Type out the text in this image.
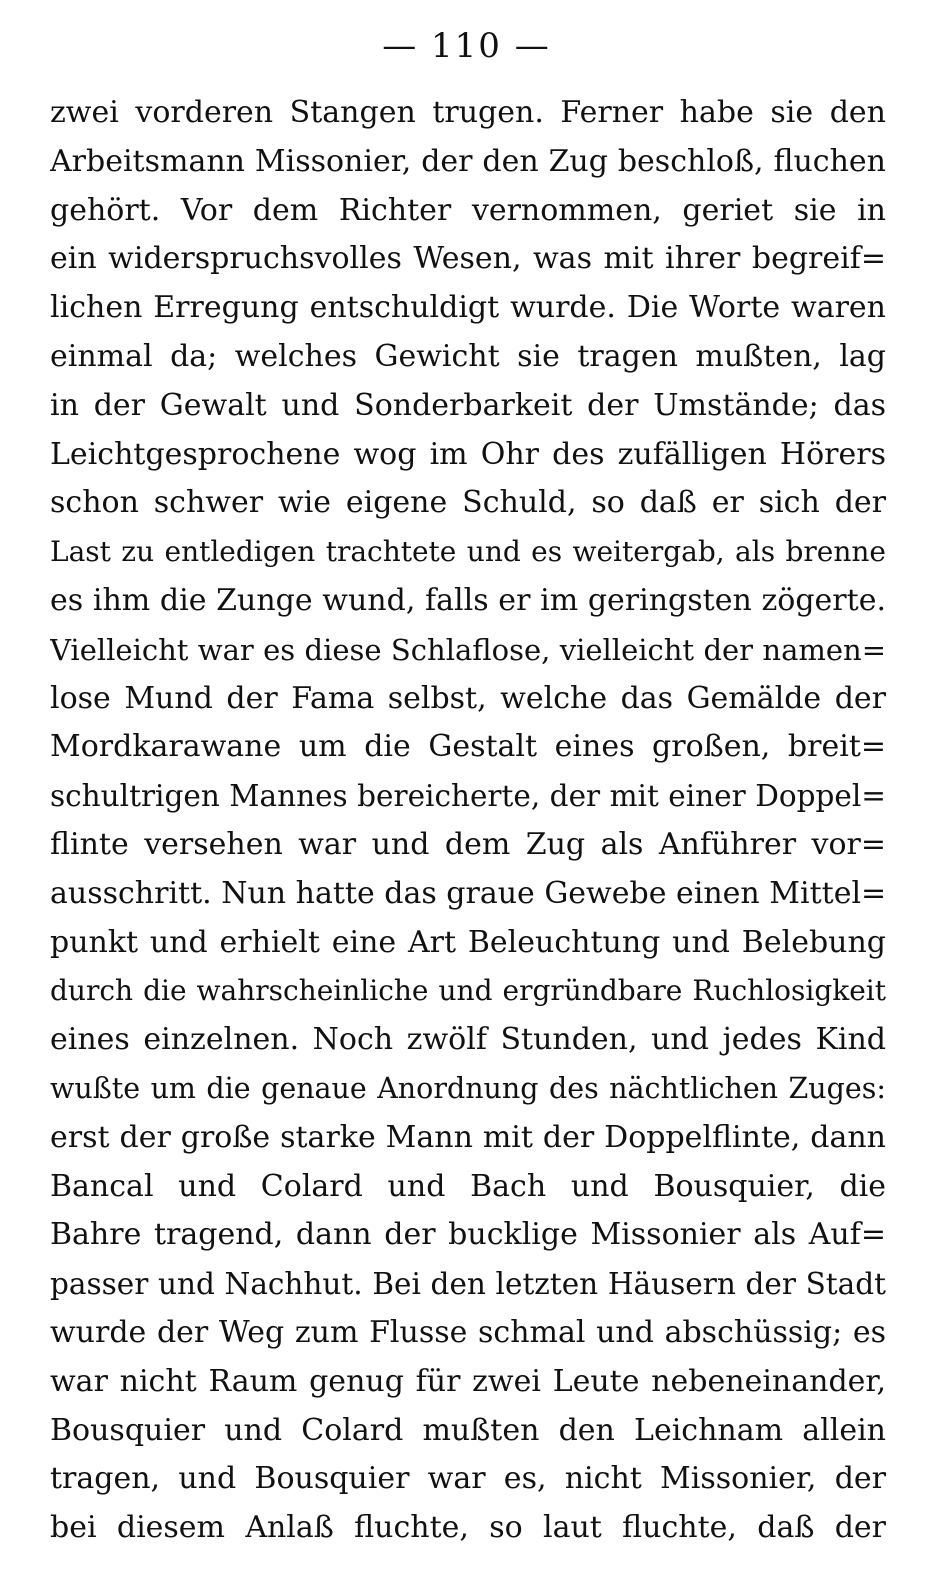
— 110 —
zwei vorderen Stangen trugen. Ferner habe sie den
Arbeitsmann Missonier, der den Zug beschloß, fluchen
gehört. Vor dem Richter vernommen, geriet sie in
ein widerspruchsvolles Wesen, was mit ihrer begreif=
lichen Erregung entschuldigt wurde. Die Worte waren
einmal da; welches Gewicht sie tragen mußten, lag
in der Gewalt und Sonderbarkeit der Umstände; das
Leichtgesprochene wog im Ohr des zufälligen Hörers
schon schwer wie eigene Schuld, so daß er sich der
Last zu entledigen trachtete und es weitergab, als brenne
es ihm die Zunge wund, falls er im geringsten zögerte.
Vielleicht war es diese Schlaflose, vielleicht der namen=
lose Mund der Fama selbst, welche das Gemälde der
Mordkarawane um die Gestalt eines großen, breit=
schultrigen Mannes bereicherte, der mit einer Doppel=
flinte versehen war und dem Zug als Anführer vor=
ausschritt. Nun hatte das graue Gewebe einen Mittel=
punkt und erhielt eine Art Beleuchtung und Belebung
durch die wahrscheinliche und ergründbare Ruchlosigkeit
eines einzelnen. Noch zwölf Stunden, und jedes Kind
wußte um die genaue Anordnung des nächtlichen Zuges:
erst der große starke Mann mit der Doppelflinte, dann
Bancal und Colard und Bach und Bousquier, die
Bahre tragend, dann der bucklige Missonier als Auf=
passer und Nachhut. Bei den letzten Häusern der Stadt
wurde der Weg zum Flusse schmal und abschüssig; es
war nicht Raum genug für zwei Leute nebeneinander,
Bousquier und Colard mußten den Leichnam allein
tragen, und Bousquier war es, nicht Missonier, der
bei diesem Anlaß fluchte, so laut fluchte, daß der
